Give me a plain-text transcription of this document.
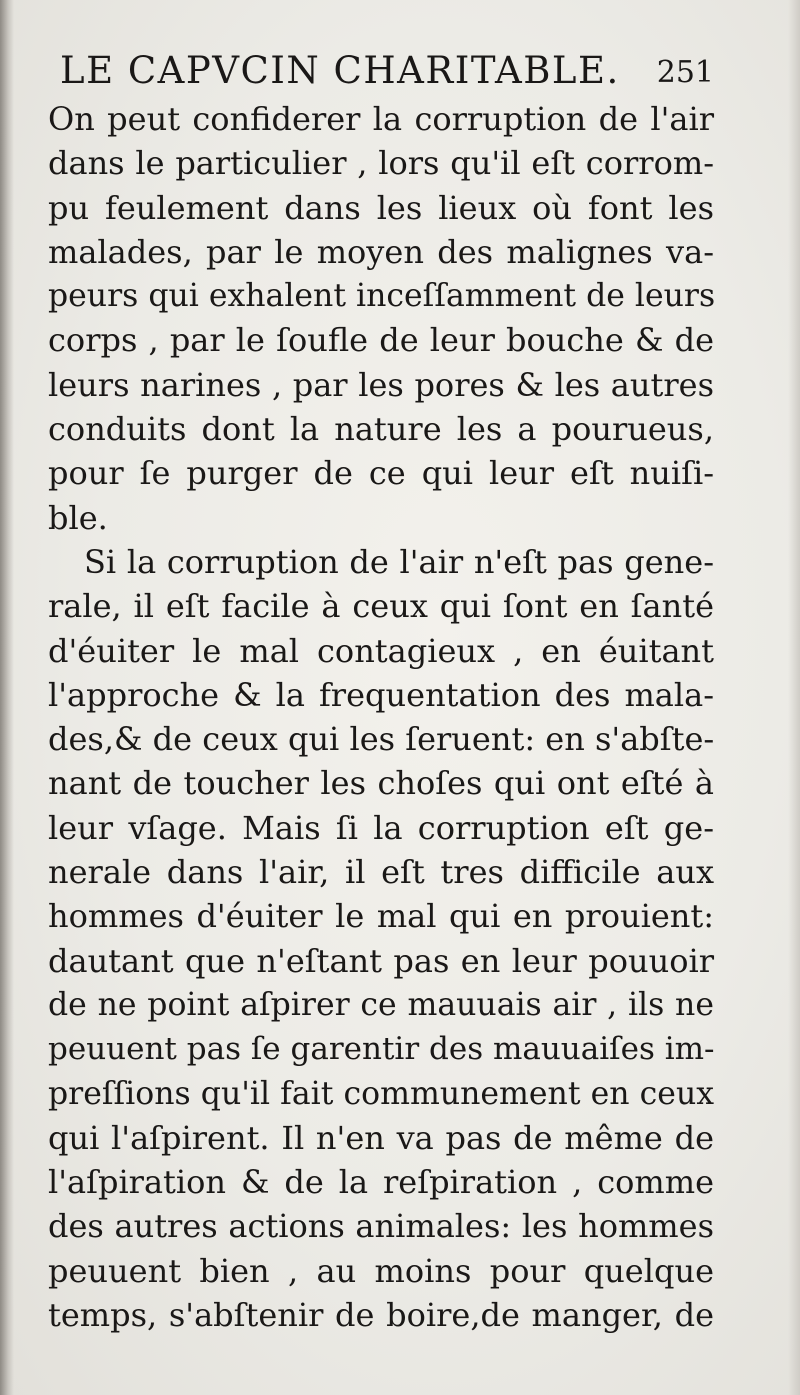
LE CAPVCIN CHARITABLE. 251
On peut confiderer la corruption de l'air
dans le particulier , lors qu'il eſt corrom-
pu feulement dans les lieux où font les
malades, par le moyen des malignes va-
peurs qui exhalent inceſſamment de leurs
corps , par le ſoufle de leur bouche & de
leurs narines , par les pores & les autres
conduits dont la nature les a pourueus,
pour ſe purger de ce qui leur eſt nuiſi-
ble.
Si la corruption de l'air n'eſt pas gene-
rale, il eſt facile à ceux qui ſont en ſanté
d'éuiter le mal contagieux , en éuitant
l'approche & la frequentation des mala-
des,& de ceux qui les ſeruent: en s'abſte-
nant de toucher les choſes qui ont eſté à
leur vſage. Mais ſi la corruption eſt ge-
nerale dans l'air, il eſt tres difficile aux
hommes d'éuiter le mal qui en prouient:
dautant que n'eſtant pas en leur pouuoir
de ne point aſpirer ce mauuais air , ils ne
peuuent pas ſe garentir des mauuaiſes im-
preſſions qu'il fait communement en ceux
qui l'aſpirent. Il n'en va pas de même de
l'aſpiration & de la reſpiration , comme
des autres actions animales: les hommes
peuuent bien , au moins pour quelque
temps, s'abſtenir de boire,de manger, de
